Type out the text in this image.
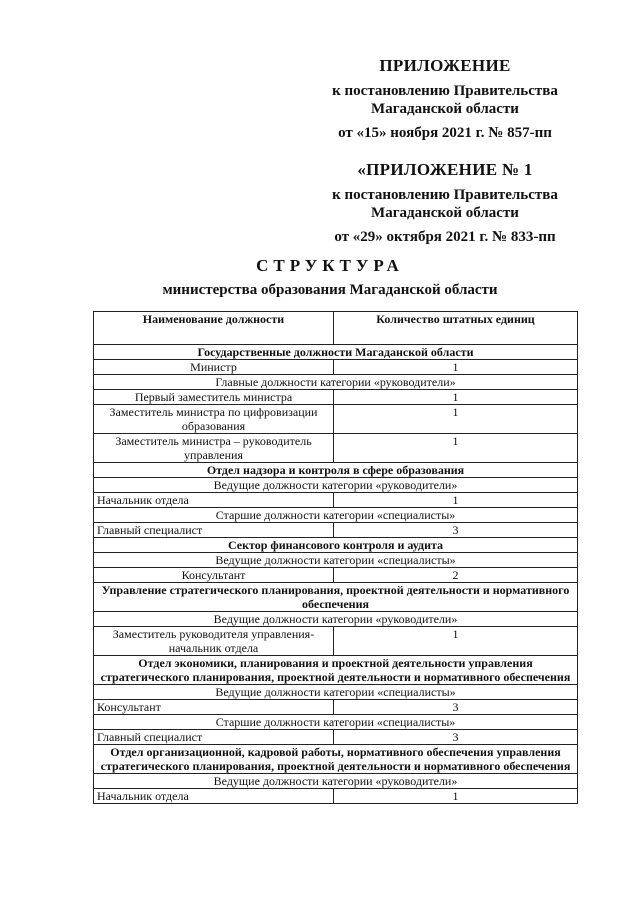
ПРИЛОЖЕНИЕ
к постановлению Правительства
Магаданской области
от «15» ноября 2021 г. № 857-пп
«ПРИЛОЖЕНИЕ № 1
к постановлению Правительства
Магаданской области
от «29» октября 2021 г. № 833-пп
СТРУКТУРА
министерства образования Магаданской области
Наименование должности	Количество штатных единиц
Государственные должности Магаданской области	
Министр	1
Главные должности категории «руководители»	
Первый заместитель министра	1
Заместитель министра по цифровизации образования	1
Заместитель министра – руководитель управления	1
Отдел надзора и контроля в сфере образования	
Ведущие должности категории «руководители»	
Начальник отдела	1
Старшие должности категории «специалисты»	
Главный специалист	3
Сектор финансового контроля и аудита	
Ведущие должности категории «специалисты»	
Консультант	2
Управление стратегического планирования, проектной деятельности и нормативного обеспечения	
Ведущие должности категории «руководители»	
Заместитель руководителя управления- начальник отдела	1
Отдел экономики, планирования и проектной деятельности управления стратегического планирования, проектной деятельности и нормативного обеспечения	
Ведущие должности категории «специалисты»	
Консультант	3
Старшие должности категории «специалисты»	
Главный специалист	3
Отдел организационной, кадровой работы, нормативного обеспечения управления стратегического планирования, проектной деятельности и нормативного обеспечения	
Ведущие должности категории «руководители»	
Начальник отдела	1
